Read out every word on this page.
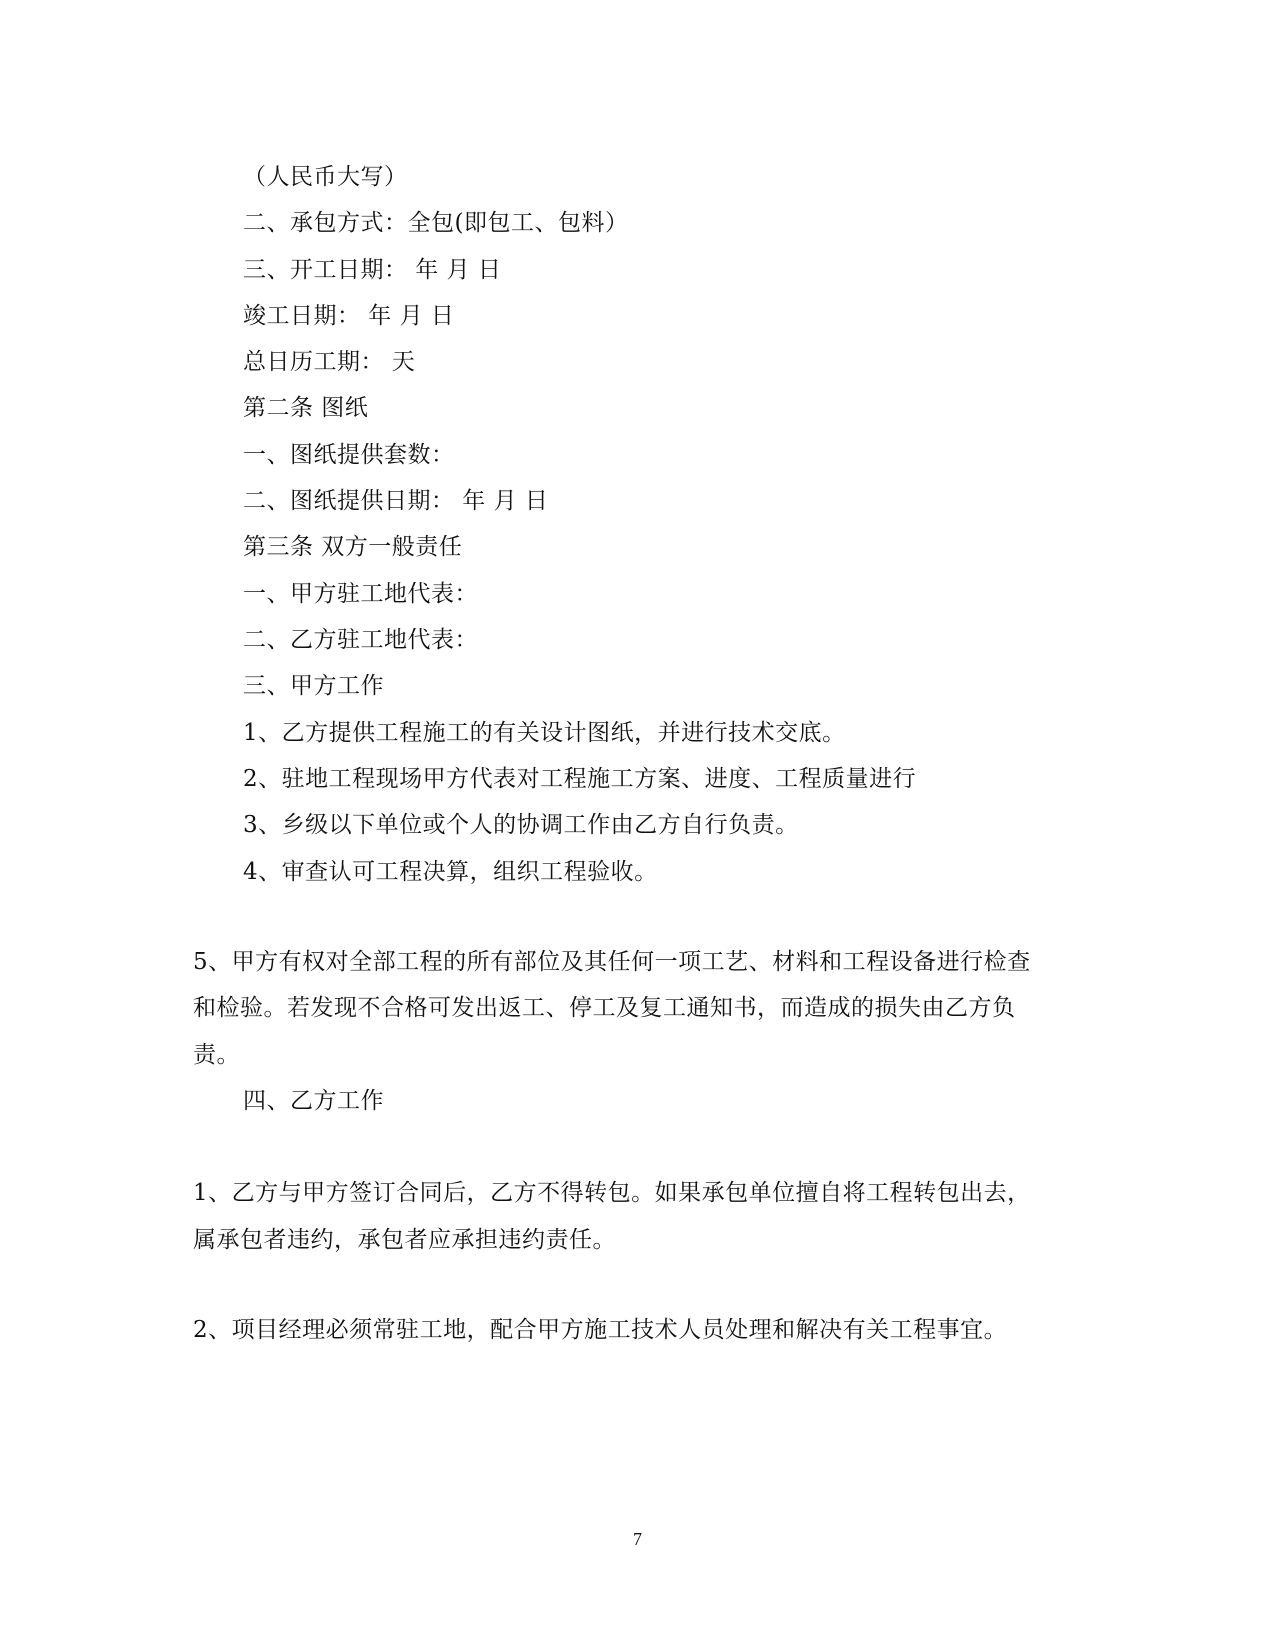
（人民币大写）
二、承包方式：全包(即包工、包料）
三、开工日期： 年 月 日
竣工日期： 年 月 日
总日历工期： 天
第二条 图纸
一、图纸提供套数：
二、图纸提供日期： 年 月 日
第三条 双方一般责任
一、甲方驻工地代表：
二、乙方驻工地代表：
三、甲方工作
1、乙方提供工程施工的有关设计图纸，并进行技术交底。
2、驻地工程现场甲方代表对工程施工方案、进度、工程质量进行
3、乡级以下单位或个人的协调工作由乙方自行负责。
4、审查认可工程决算，组织工程验收。
5、甲方有权对全部工程的所有部位及其任何一项工艺、材料和工程设备进行检查
和检验。若发现不合格可发出返工、停工及复工通知书，而造成的损失由乙方负
责。
四、乙方工作
1、乙方与甲方签订合同后，乙方不得转包。如果承包单位擅自将工程转包出去，
属承包者违约，承包者应承担违约责任。
2、项目经理必须常驻工地，配合甲方施工技术人员处理和解决有关工程事宜。
7
